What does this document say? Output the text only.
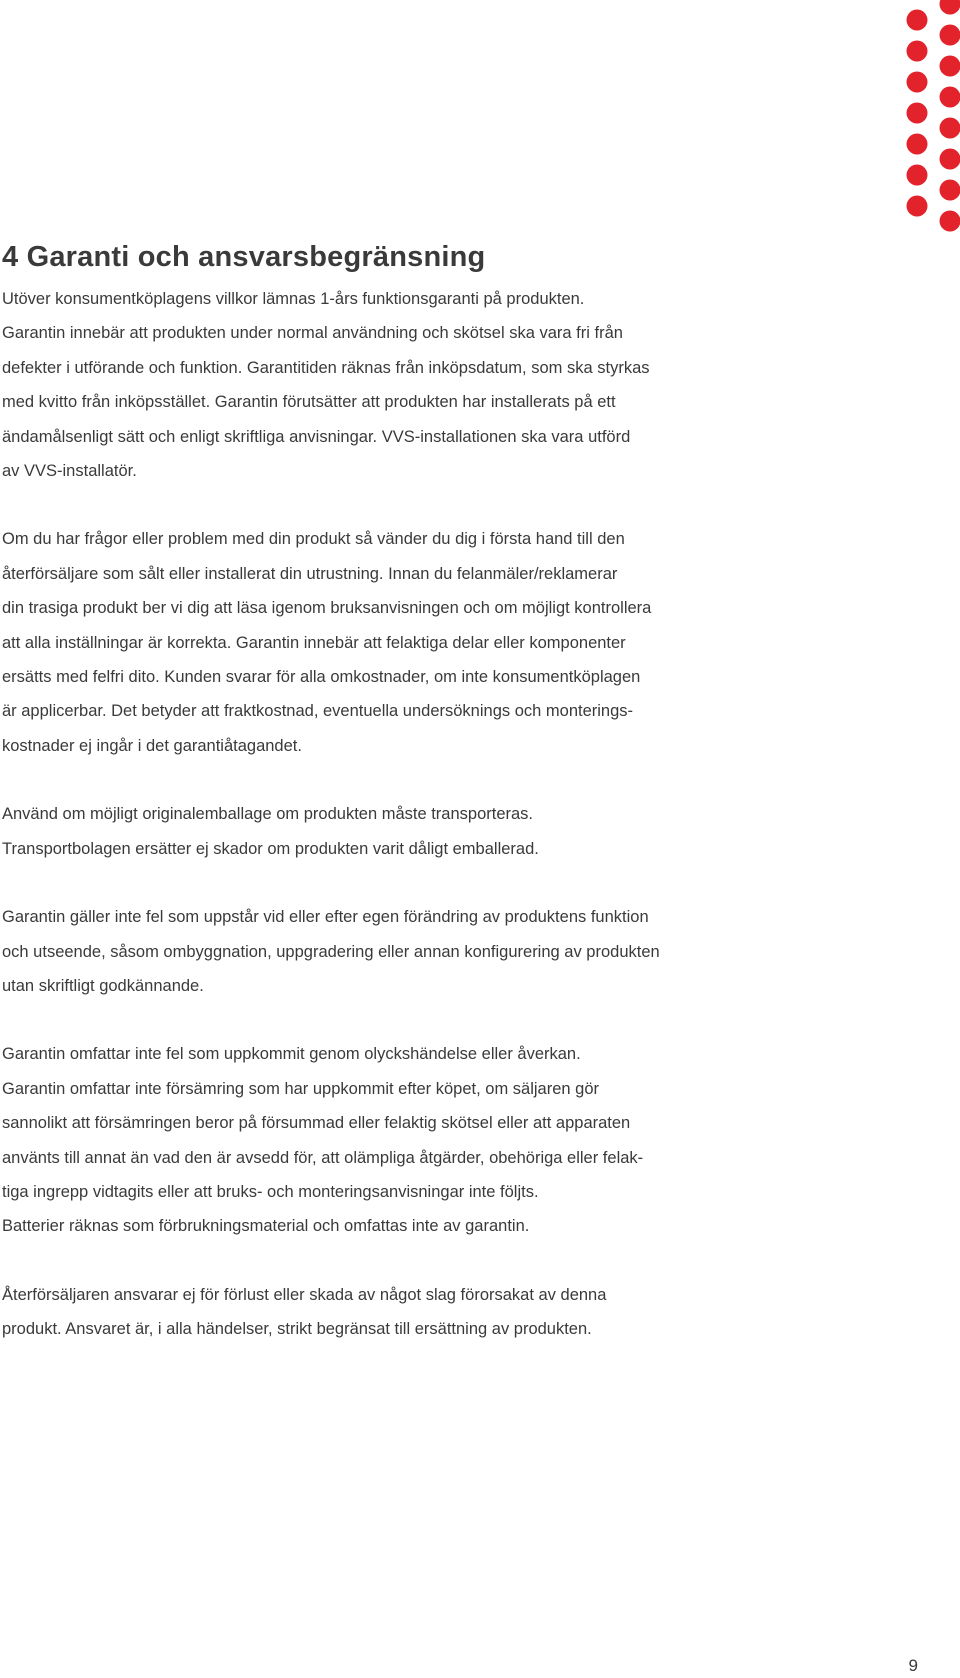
4 Garanti och ansvarsbegränsning
Utöver konsumentköplagens villkor lämnas 1-års funktionsgaranti på produkten.
Garantin innebär att produkten under normal användning och skötsel ska vara fri från
defekter i utförande och funktion. Garantitiden räknas från inköpsdatum, som ska styrkas
med kvitto från inköpsstället. Garantin förutsätter att produkten har installerats på ett
ändamålsenligt sätt och enligt skriftliga anvisningar. VVS-installationen ska vara utförd
av VVS-installatör.
Om du har frågor eller problem med din produkt så vänder du dig i första hand till den
återförsäljare som sålt eller installerat din utrustning. Innan du felanmäler/reklamerar
din trasiga produkt ber vi dig att läsa igenom bruksanvisningen och om möjligt kontrollera
att alla inställningar är korrekta. Garantin innebär att felaktiga delar eller komponenter
ersätts med felfri dito. Kunden svarar för alla omkostnader, om inte konsumentköplagen
är applicerbar. Det betyder att fraktkostnad, eventuella undersöknings och monterings-
kostnader ej ingår i det garantiåtagandet.
Använd om möjligt originalemballage om produkten måste transporteras.
Transportbolagen ersätter ej skador om produkten varit dåligt emballerad.
Garantin gäller inte fel som uppstår vid eller efter egen förändring av produktens funktion
och utseende, såsom ombyggnation, uppgradering eller annan konfigurering av produkten
utan skriftligt godkännande.
Garantin omfattar inte fel som uppkommit genom olyckshändelse eller åverkan.
Garantin omfattar inte försämring som har uppkommit efter köpet, om säljaren gör
sannolikt att försämringen beror på försummad eller felaktig skötsel eller att apparaten
använts till annat än vad den är avsedd för, att olämpliga åtgärder, obehöriga eller felak-
tiga ingrepp vidtagits eller att bruks- och monteringsanvisningar inte följts.
Batterier räknas som förbrukningsmaterial och omfattas inte av garantin.
Återförsäljaren ansvarar ej för förlust eller skada av något slag förorsakat av denna
produkt. Ansvaret är, i alla händelser, strikt begränsat till ersättning av produkten.
9
